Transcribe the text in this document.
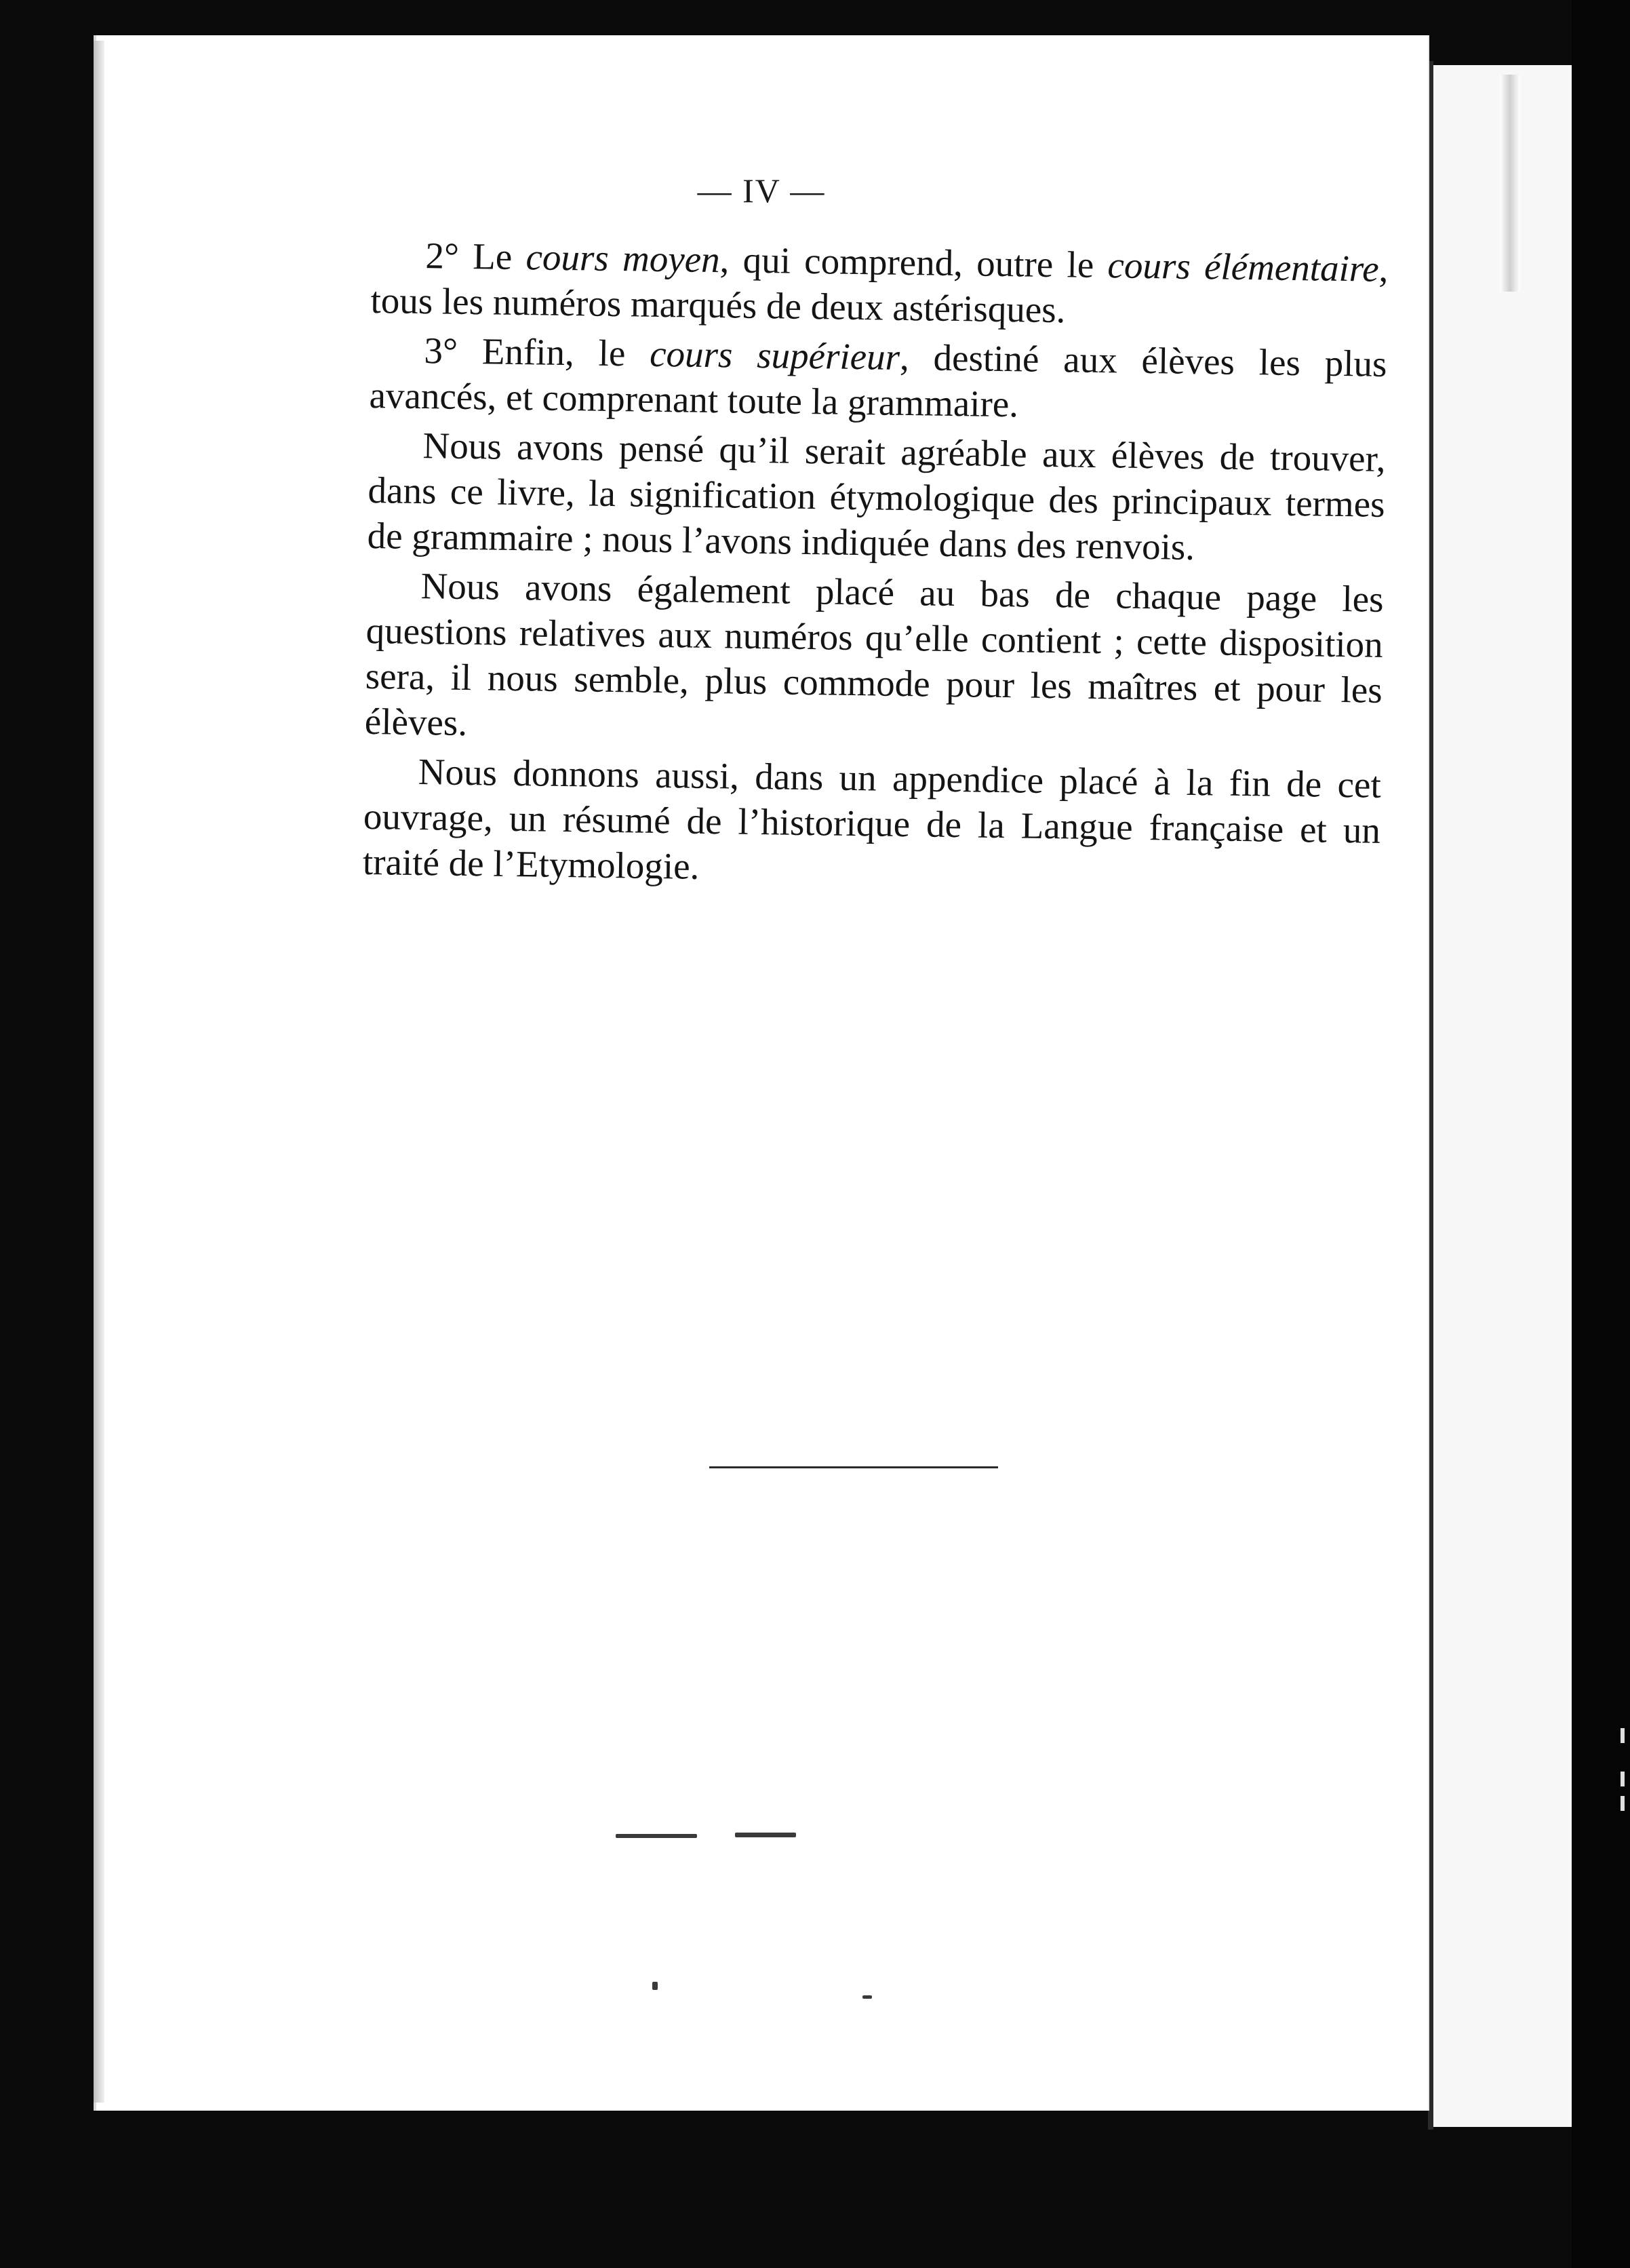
— IV —

2° Le cours moyen, qui comprend, outre le cours élémentaire, tous les numéros marqués de deux astérisques.

3° Enfin, le cours supérieur, destiné aux élèves les plus avancés, et comprenant toute la grammaire.

Nous avons pensé qu’il serait agréable aux élèves de trouver, dans ce livre, la signification étymologique des principaux termes de grammaire ; nous l’avons indiquée dans des renvois.

Nous avons également placé au bas de chaque page les questions relatives aux numéros qu’elle contient ; cette disposition sera, il nous semble, plus commode pour les maîtres et pour les élèves.

Nous donnons aussi, dans un appendice placé à la fin de cet ouvrage, un résumé de l’historique de la Langue française et un traité de l’Etymologie.
